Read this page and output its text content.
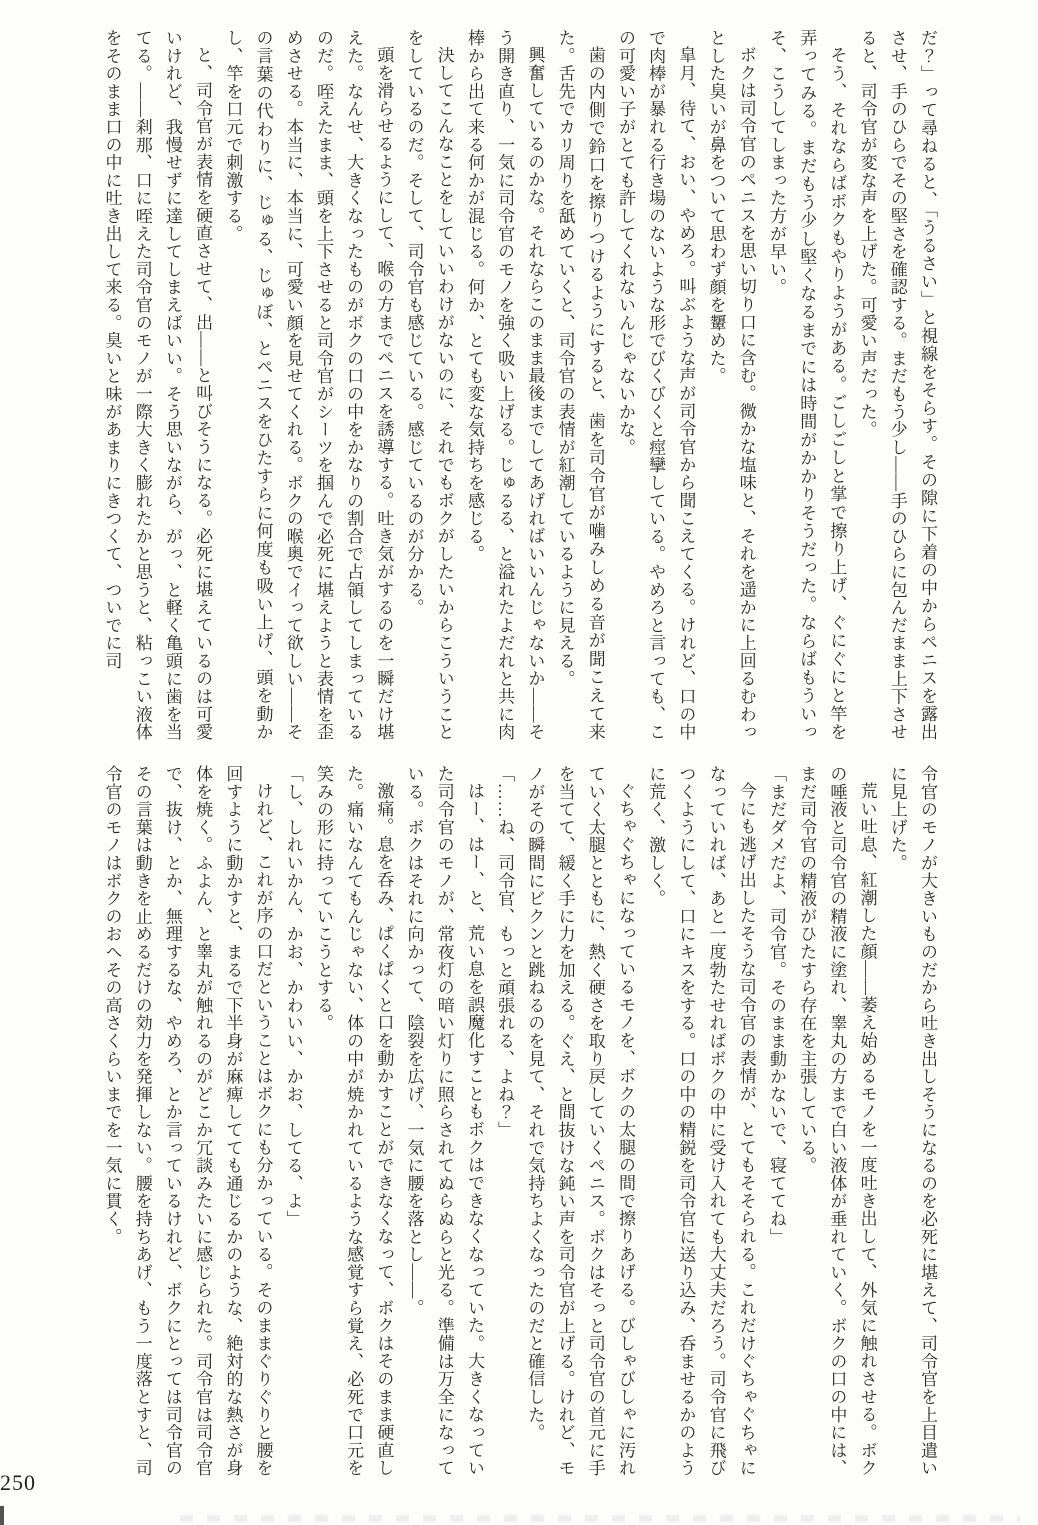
だ？」って尋ねると、「うるさい」と視線をそらす。その隙に下着の中からペニスを露出させ、手のひらでその堅さを確認する。まだもう少し——手のひらに包んだまま上下させると、司令官が変な声を上げた。可愛い声だった。

そう、それならばボクもやりようがある。ごしごしと掌で擦り上げ、ぐにぐにと竿を弄ってみる。まだもう少し堅くなるまでには時間がかかりそうだった。ならばもういっそ、こうしてしまった方が早い。

ボクは司令官のペニスを思い切り口に含む。微かな塩味と、それを遥かに上回るむわっとした臭いが鼻をついて思わず顔を顰めた。

皐月、待て、おい、やめろ。叫ぶような声が司令官から聞こえてくる。けれど、口の中で肉棒が暴れる行き場のないような形でびくびくと痙攣している。やめろと言っても、この可愛い子がとても許してくれないんじゃないかな。

歯の内側で鈴口を擦りつけるようにすると、歯を司令官が噛みしめる音が聞こえて来た。舌先でカリ周りを舐めていくと、司令官の表情が紅潮しているように見える。

興奮しているのかな。それならこのまま最後までしてあげればいいんじゃないか——そう開き直り、一気に司令官のモノを強く吸い上げる。じゅるる、と溢れたよだれと共に肉棒から出て来る何かが混じる。何か、とても変な気持ちを感じる。

決してこんなことをしていいわけがないのに、それでもボクがしたいからこういうことをしているのだ。そして、司令官も感じている。感じているのが分かる。

頭を滑らせるようにして、喉の方までペニスを誘導する。吐き気がするのを一瞬だけ堪えた。なんせ、大きくなったものがボクの口の中をかなりの割合で占領してしまっているのだ。咥えたまま、頭を上下させると司令官がシーツを掴んで必死に堪えようと表情を歪めさせる。本当に、本当に、可愛い顔を見せてくれる。ボクの喉奥でイって欲しい——その言葉の代わりに、じゅる、じゅぼ、とペニスをひたすらに何度も吸い上げ、頭を動かし、竿を口元で刺激する。

と、司令官が表情を硬直させて、出——と叫びそうになる。必死に堪えているのは可愛いけれど、我慢せずに達してしまえばいい。そう思いながら、がっ、と軽く亀頭に歯を当てる。——刹那、口に咥えた司令官のモノが一際大きく膨れたかと思うと、粘っこい液体をそのまま口の中に吐き出して来る。臭いと味があまりにきつくて、ついでに司

令官のモノが大きいものだから吐き出しそうになるのを必死に堪えて、司令官を上目遣いに見上げた。

荒い吐息、紅潮した顔——萎え始めるモノを一度吐き出して、外気に触れさせる。ボクの唾液と司令官の精液に塗れ、睾丸の方まで白い液体が垂れていく。ボクの口の中には、まだ司令官の精液がひたすら存在を主張している。

「まだダメだよ、司令官。そのまま動かないで、寝ててね」

今にも逃げ出したそうな司令官の表情が、とてもそそられる。これだけぐちゃぐちゃになっていれば、あと一度勃たせればボクの中に受け入れても大丈夫だろう。司令官に飛びつくようにして、口にキスをする。口の中の精鋭を司令官に送り込み、呑ませるかのように荒く、激しく。

ぐちゃぐちゃになっているモノを、ボクの太腿の間で擦りあげる。びしゃびしゃに汚れていく太腿とともに、熱く硬さを取り戻していくペニス。ボクはそっと司令官の首元に手を当てて、緩く手に力を加える。ぐえ、と間抜けな鈍い声を司令官が上げる。けれど、モノがその瞬間にビクンと跳ねるのを見て、それで気持ちよくなったのだと確信した。

「……ね、司令官、もっと頑張れる、よね？」

はー、はー、と、荒い息を誤魔化すこともボクはできなくなっていた。大きくなっていた司令官のモノが、常夜灯の暗い灯りに照らされてぬらぬらと光る。準備は万全になっている。ボクはそれに向かって、陰裂を広げ、一気に腰を落とし——。

激痛。息を呑み、ぱくぱくと口を動かすことができなくなって、ボクはそのまま硬直した。痛いなんてもんじゃない、体の中が焼かれているような感覚すら覚え、必死で口元を笑みの形に持っていこうとする。

「し、しれいかん、かお、かわいい、かお、してる、よ」

けれど、これが序の口だということはボクにも分かっている。そのままぐりぐりと腰を回すように動かすと、まるで下半身が麻痺してても通じるかのような、絶対的な熱さが身体を焼く。ふよん、と睾丸が触れるのがどこか冗談みたいに感じられた。司令官は司令官で、抜け、とか、無理するな、やめろ、とか言っているけれど、ボクにとっては司令官のその言葉は動きを止めるだけの効力を発揮しない。腰を持ちあげ、もう一度落とすと、司令官のモノはボクのおへその高さくらいまでを一気に貫く。

250
